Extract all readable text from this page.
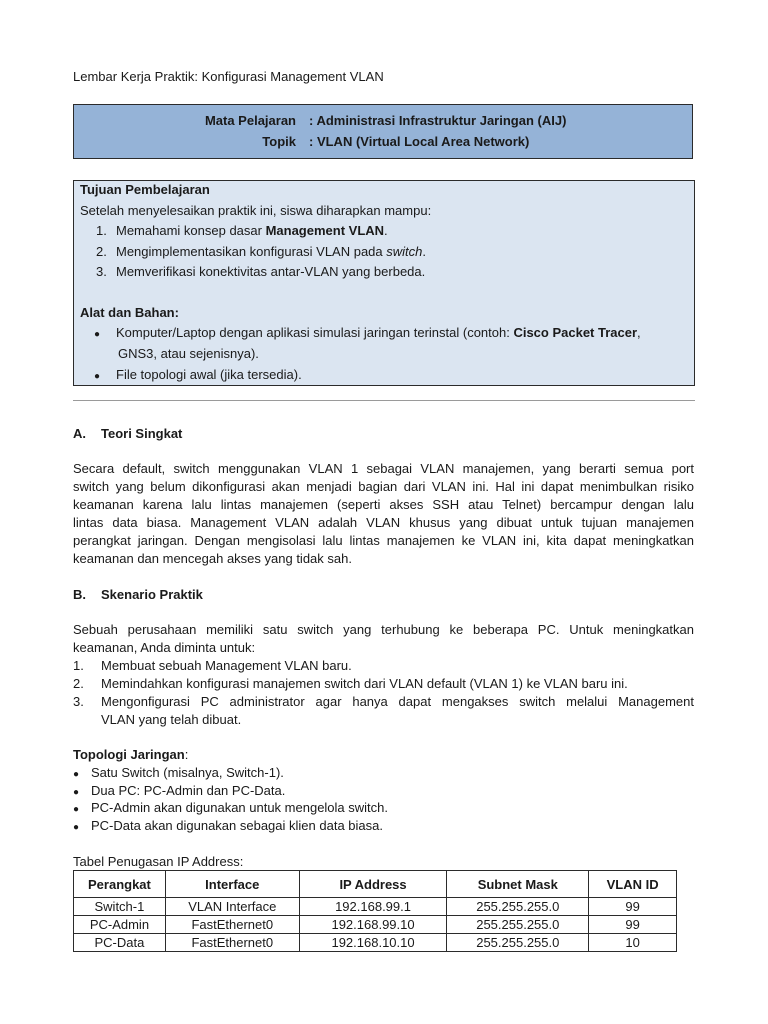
Lembar Kerja Praktik: Konfigurasi Management VLAN
Mata Pelajaran : Administrasi Infrastruktur Jaringan (AIJ)
Topik : VLAN (Virtual Local Area Network)
Tujuan Pembelajaran
Setelah menyelesaikan praktik ini, siswa diharapkan mampu:
1. Memahami konsep dasar Management VLAN.
2. Mengimplementasikan konfigurasi VLAN pada switch.
3. Memverifikasi konektivitas antar-VLAN yang berbeda.
Alat dan Bahan:
● Komputer/Laptop dengan aplikasi simulasi jaringan terinstal (contoh: Cisco Packet Tracer,
GNS3, atau sejenisnya).
● File topologi awal (jika tersedia).
A. Teori Singkat
Secara default, switch menggunakan VLAN 1 sebagai VLAN manajemen, yang berarti semua port
switch yang belum dikonfigurasi akan menjadi bagian dari VLAN ini. Hal ini dapat menimbulkan risiko
keamanan karena lalu lintas manajemen (seperti akses SSH atau Telnet) bercampur dengan lalu
lintas data biasa. Management VLAN adalah VLAN khusus yang dibuat untuk tujuan manajemen
perangkat jaringan. Dengan mengisolasi lalu lintas manajemen ke VLAN ini, kita dapat meningkatkan
keamanan dan mencegah akses yang tidak sah.
B. Skenario Praktik
Sebuah perusahaan memiliki satu switch yang terhubung ke beberapa PC. Untuk meningkatkan
keamanan, Anda diminta untuk:
1. Membuat sebuah Management VLAN baru.
2. Memindahkan konfigurasi manajemen switch dari VLAN default (VLAN 1) ke VLAN baru ini.
3. Mengonfigurasi PC administrator agar hanya dapat mengakses switch melalui Management
VLAN yang telah dibuat.
Topologi Jaringan:
● Satu Switch (misalnya, Switch-1).
● Dua PC: PC-Admin dan PC-Data.
● PC-Admin akan digunakan untuk mengelola switch.
● PC-Data akan digunakan sebagai klien data biasa.
Tabel Penugasan IP Address:
Perangkat	Interface	IP Address	Subnet Mask	VLAN ID
Switch-1	VLAN Interface	192.168.99.1	255.255.255.0	99
PC-Admin	FastEthernet0	192.168.99.10	255.255.255.0	99
PC-Data	FastEthernet0	192.168.10.10	255.255.255.0	10
